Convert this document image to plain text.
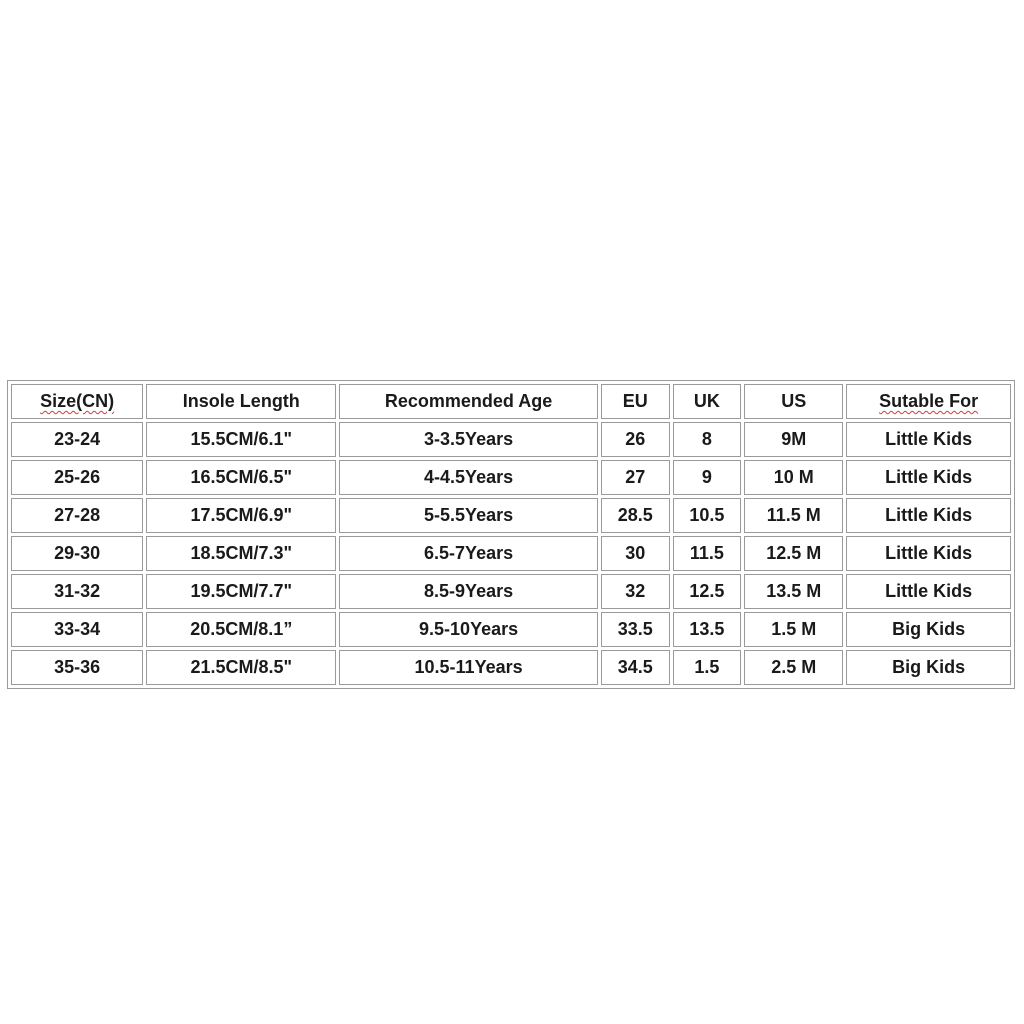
Size(CN)	Insole Length	Recommended Age	EU	UK	US	Sutable For
23-24	15.5CM/6.1"	3-3.5Years	26	8	9M	Little Kids
25-26	16.5CM/6.5"	4-4.5Years	27	9	10 M	Little Kids
27-28	17.5CM/6.9"	5-5.5Years	28.5	10.5	11.5 M	Little Kids
29-30	18.5CM/7.3"	6.5-7Years	30	11.5	12.5 M	Little Kids
31-32	19.5CM/7.7"	8.5-9Years	32	12.5	13.5 M	Little Kids
33-34	20.5CM/8.1”	9.5-10Years	33.5	13.5	1.5 M	Big Kids
35-36	21.5CM/8.5"	10.5-11Years	34.5	1.5	2.5 M	Big Kids
